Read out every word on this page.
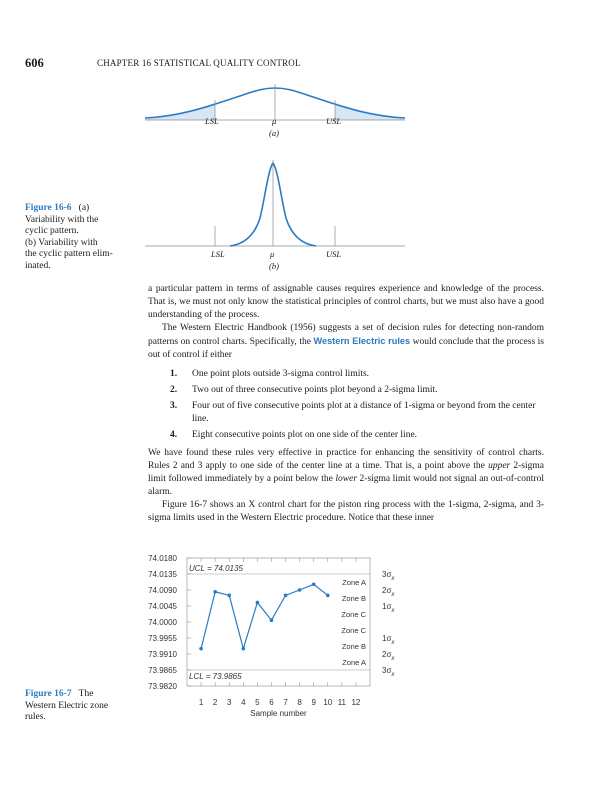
606	CHAPTER 16 STATISTICAL QUALITY CONTROL
LSL	μ	USL
(a)
LSL	μ	USL
(b)
Figure 16-6 (a)
Variability with the
cyclic pattern.
(b) Variability with
the cyclic pattern elim-
inated.

a particular pattern in terms of assignable causes requires experience and knowledge of the process. That is, we must not only know the statistical principles of control charts, but we must also have a good understanding of the process.

The Western Electric Handbook (1956) suggests a set of decision rules for detecting non-random patterns on control charts. Specifically, the Western Electric rules would conclude that the process is out of control if either

1. One point plots outside 3-sigma control limits.
2. Two out of three consecutive points plot beyond a 2-sigma limit.
3. Four out of five consecutive points plot at a distance of 1-sigma or beyond from the center line.
4. Eight consecutive points plot on one side of the center line.

We have found these rules very effective in practice for enhancing the sensitivity of control charts. Rules 2 and 3 apply to one side of the center line at a time. That is, a point above the upper 2-sigma limit followed immediately by a point below the lower 2-sigma limit would not signal an out-of-control alarm.

Figure 16-7 shows an X control chart for the piston ring process with the 1-sigma, 2-sigma, and 3-sigma limits used in the Western Electric procedure. Notice that these inner

74.0180
74.0135
74.0090
74.0045
74.0000
73.9955
73.9910
73.9865
73.9820
1 2 3 4 5 6 7 8 9 10 11 12
Sample number
UCL = 74.0135
LCL = 73.9865
Zone A
Zone B
Zone C
Zone C
Zone B
Zone A
$3\sigma_x$
$2\sigma_x$
$1\sigma_x$
$1\sigma_x$
$2\sigma_x$
$3\sigma_x$
Figure 16-7 The
Western Electric zone
rules.
